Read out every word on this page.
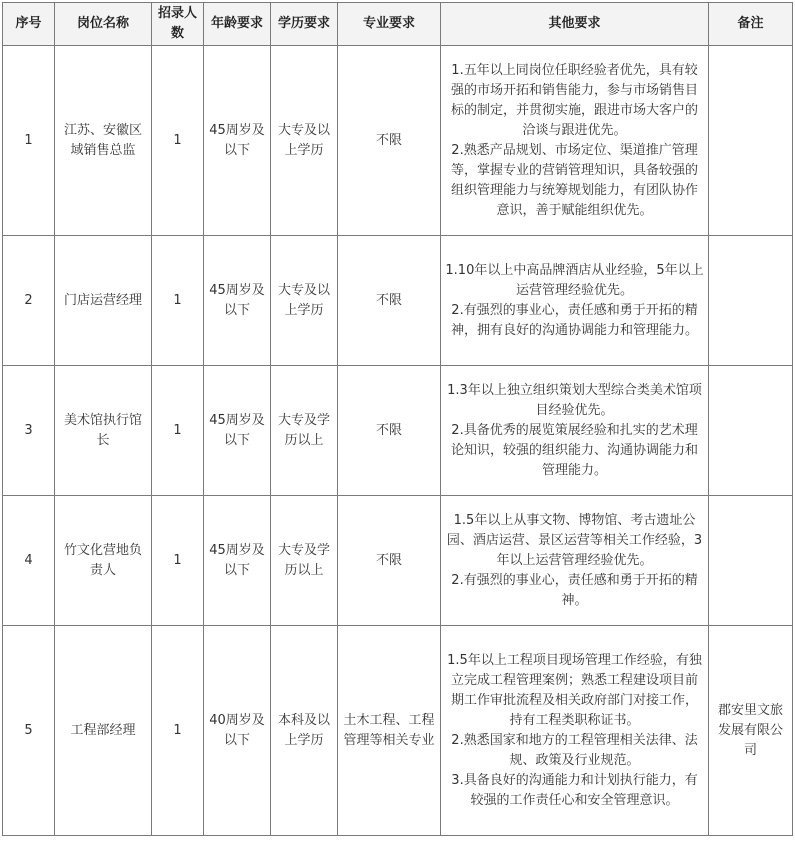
序号	岗位名称	招录人数	年龄要求	学历要求	专业要求	其他要求	备注
1	江苏、安徽区域销售总监	1	45周岁及以下	大专及以上学历	不限	1.五年以上同岗位任职经验者优先，具有较强的市场开拓和销售能力，参与市场销售目标的制定，并贯彻实施，跟进市场大客户的洽谈与跟进优先。
2.熟悉产品规划、市场定位、渠道推广管理等，掌握专业的营销管理知识，具备较强的组织管理能力与统筹规划能力，有团队协作意识，善于赋能组织优先。	

2	门店运营经理	1	45周岁及以下	大专及以上学历	不限	1.10年以上中高品牌酒店从业经验，5年以上运营管理经验优先。
2.有强烈的事业心，责任感和勇于开拓的精神，拥有良好的沟通协调能力和管理能力。	

3	美术馆执行馆长	1	45周岁及以下	大专及学历以上	不限	1.3年以上独立组织策划大型综合类美术馆项目经验优先。
2.具备优秀的展览策展经验和扎实的艺术理论知识，较强的组织能力、沟通协调能力和管理能力。	

4	竹文化营地负责人	1	45周岁及以下	大专及学历以上	不限	1.5年以上从事文物、博物馆、考古遗址公园、酒店运营、景区运营等相关工作经验，3年以上运营管理经验优先。
2.有强烈的事业心，责任感和勇于开拓的精神。	

5	工程部经理	1	40周岁及以下	本科及以上学历	土木工程、工程管理等相关专业	1.5年以上工程项目现场管理工作经验，有独立完成工程管理案例；熟悉工程建设项目前期工作审批流程及相关政府部门对接工作，持有工程类职称证书。
2.熟悉国家和地方的工程管理相关法律、法规、政策及行业规范。
3.具备良好的沟通能力和计划执行能力，有较强的工作责任心和安全管理意识。	郡安里文旅发展有限公司
